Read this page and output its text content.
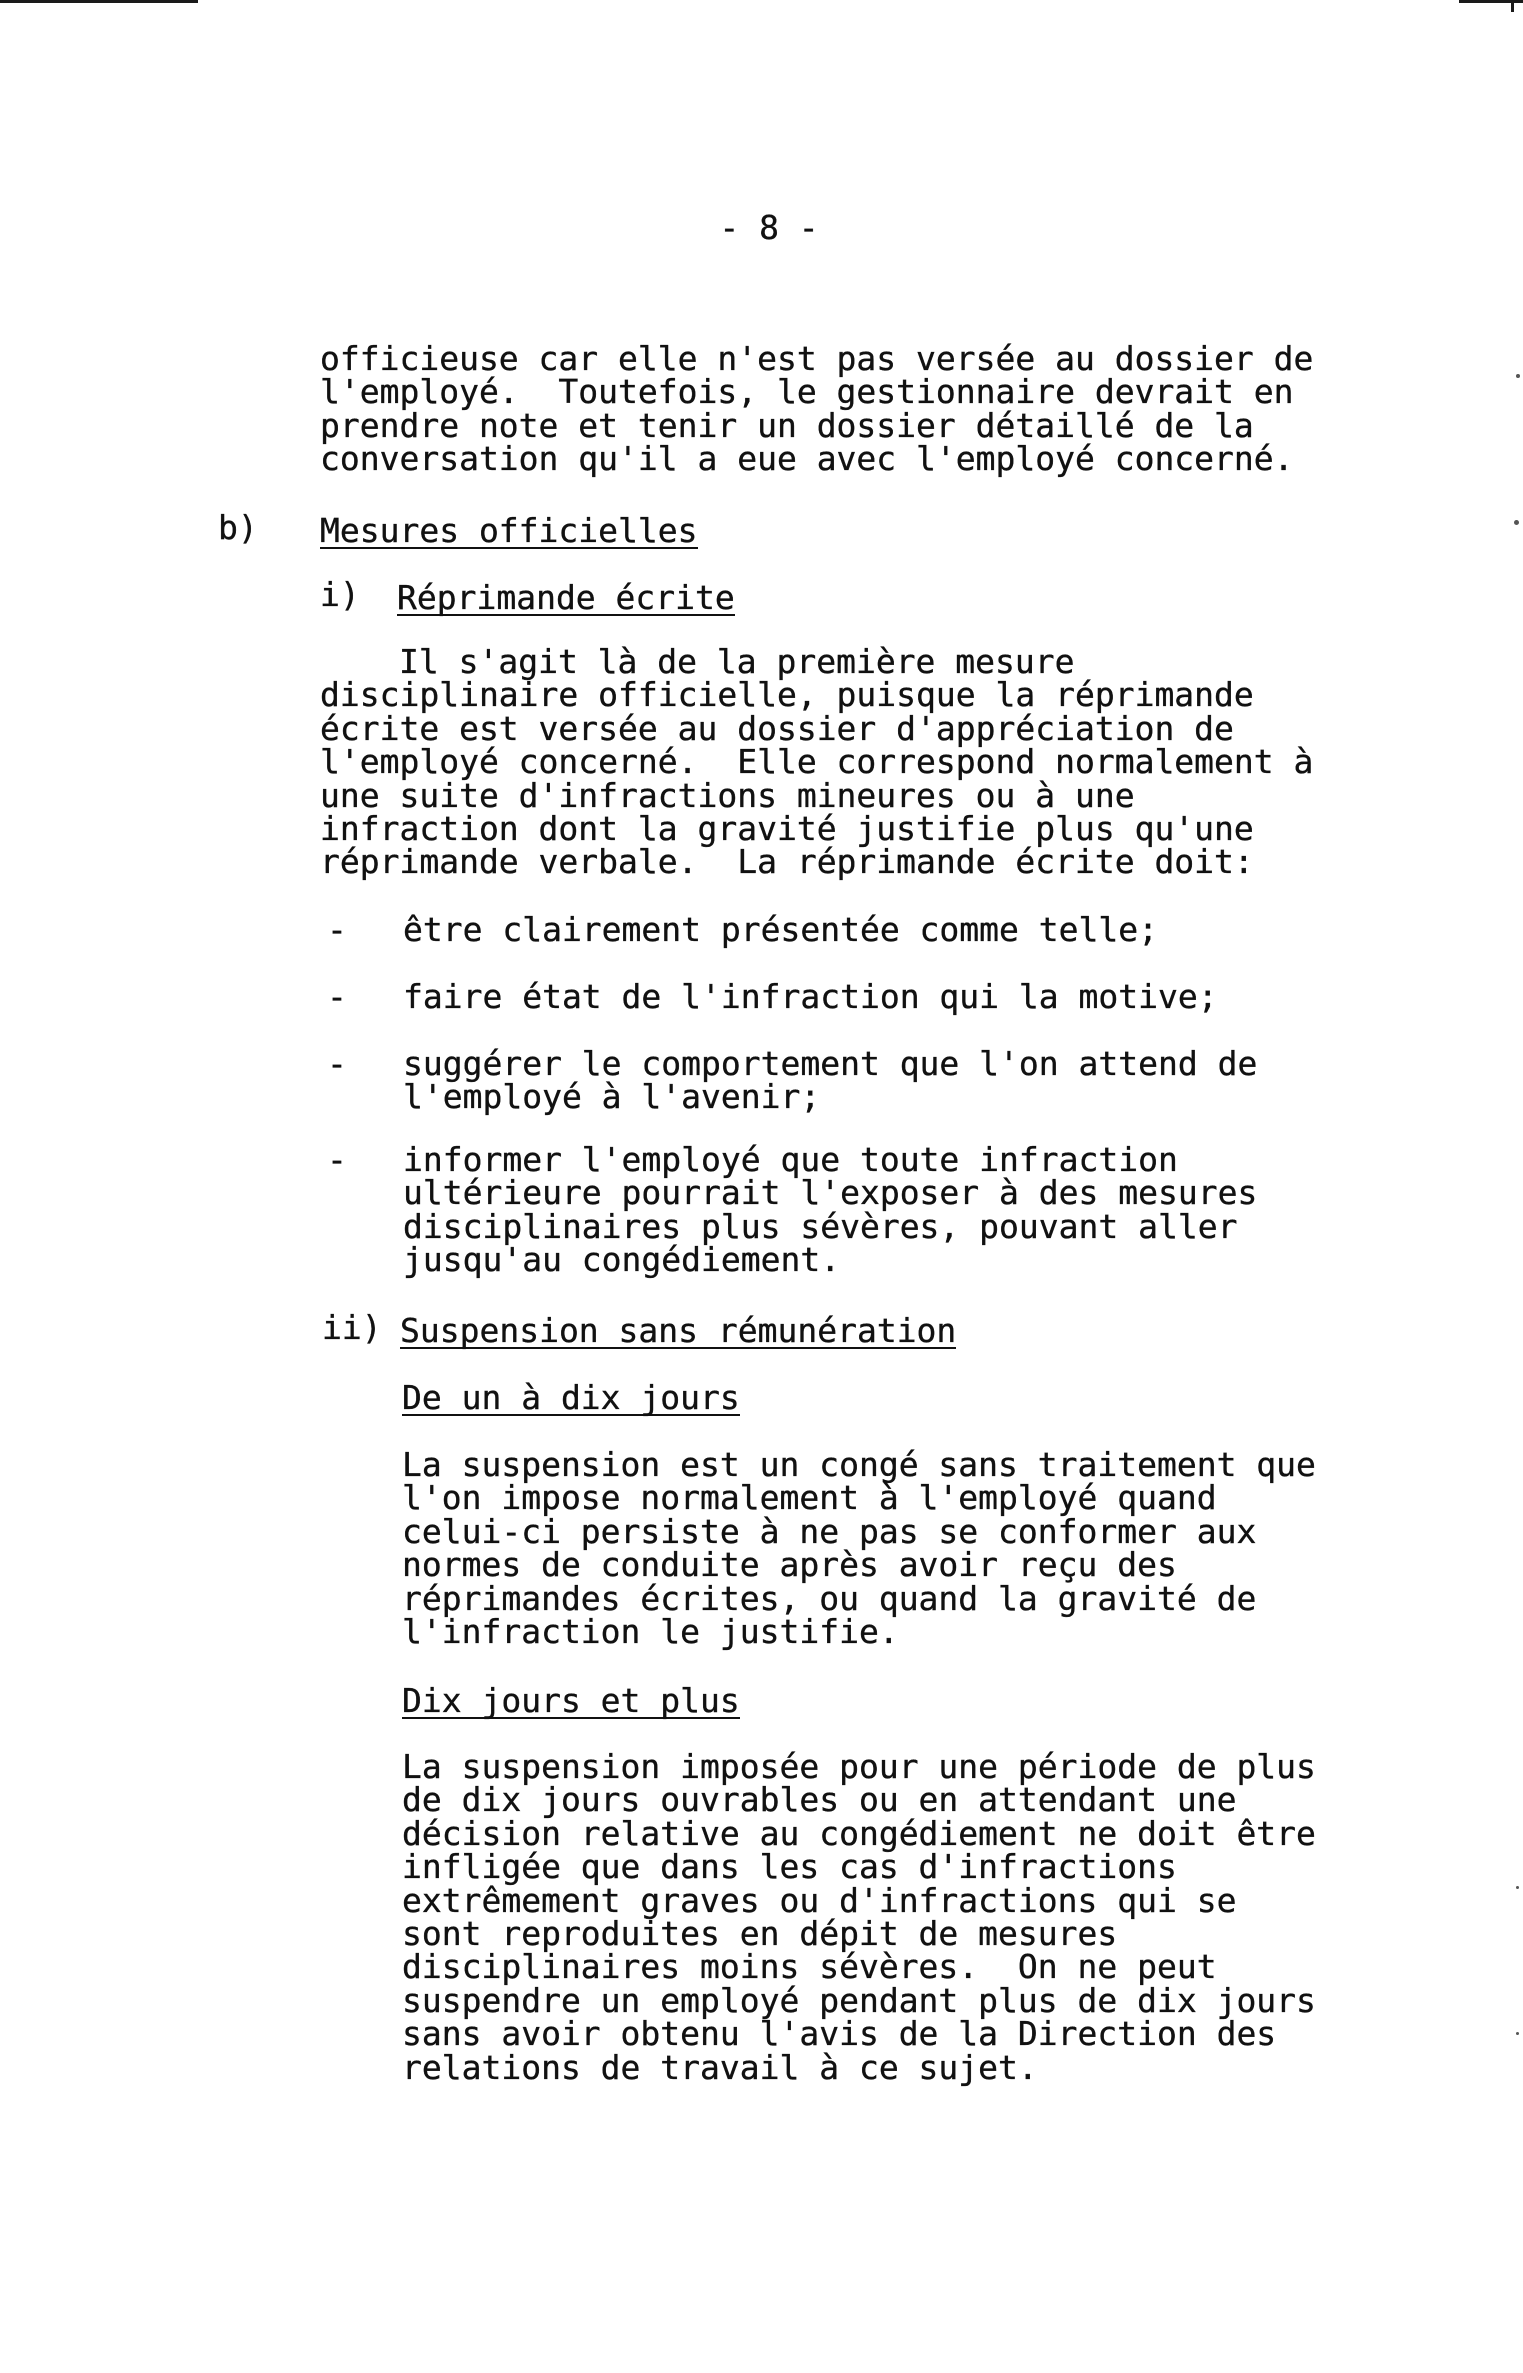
- 8 -
officieuse car elle n'est pas versée au dossier de
l'employé.  Toutefois, le gestionnaire devrait en
prendre note et tenir un dossier détaillé de la
conversation qu'il a eue avec l'employé concerné.
b) Mesures officielles
i) Réprimande écrite
Il s'agit là de la première mesure
disciplinaire officielle, puisque la réprimande
écrite est versée au dossier d'appréciation de
l'employé concerné.  Elle correspond normalement à
une suite d'infractions mineures ou à une
infraction dont la gravité justifie plus qu'une
réprimande verbale.  La réprimande écrite doit:
- être clairement présentée comme telle;
- faire état de l'infraction qui la motive;
- suggérer le comportement que l'on attend de
l'employé à l'avenir;
- informer l'employé que toute infraction
ultérieure pourrait l'exposer à des mesures
disciplinaires plus sévères, pouvant aller
jusqu'au congédiement.
ii) Suspension sans rémunération
De un à dix jours
La suspension est un congé sans traitement que
l'on impose normalement à l'employé quand
celui-ci persiste à ne pas se conformer aux
normes de conduite après avoir reçu des
réprimandes écrites, ou quand la gravité de
l'infraction le justifie.
Dix jours et plus
La suspension imposée pour une période de plus
de dix jours ouvrables ou en attendant une
décision relative au congédiement ne doit être
infligée que dans les cas d'infractions
extrêmement graves ou d'infractions qui se
sont reproduites en dépit de mesures
disciplinaires moins sévères.  On ne peut
suspendre un employé pendant plus de dix jours
sans avoir obtenu l'avis de la Direction des
relations de travail à ce sujet.
